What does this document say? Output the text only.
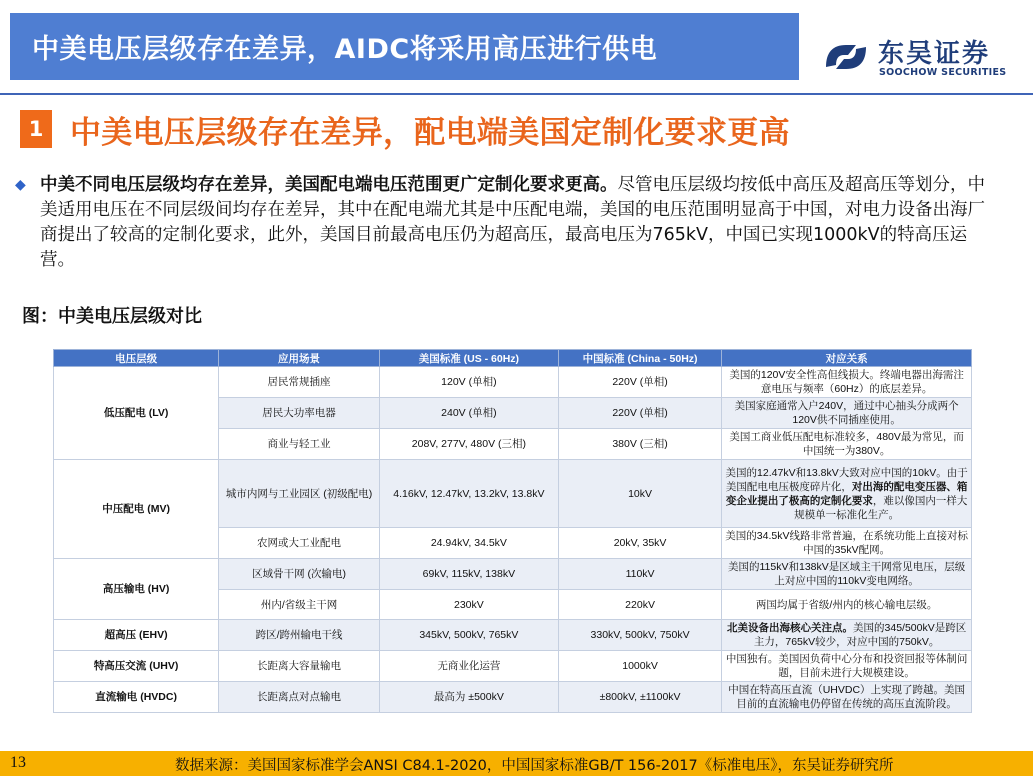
中美电压层级存在差异，AIDC将采用高压进行供电	东吴证券
SOOCHOW SECURITIES
1 中美电压层级存在差异，配电端美国定制化要求更高
◆ 中美不同电压层级均存在差异，美国配电端电压范围更广定制化要求更高。尽管电压层级均按低中高压及超高压等划分，中美适用电压在不同层级间均存在差异，其中在配电端尤其是中压配电端，美国的电压范围明显高于中国，对电力设备出海厂商提出了较高的定制化要求，此外，美国目前最高电压仍为超高压，最高电压为765kV，中国已实现1000kV的特高压运营。
图：中美电压层级对比
电压层级	应用场景	美国标准 (US - 60Hz)	中国标准 (China - 50Hz)	对应关系
低压配电 (LV)	居民常规插座	120V (单相)	220V (单相)	美国的120V安全性高但线损大。终端电器出海需注意电压与频率（60Hz）的底层差异。
	居民大功率电器	240V (单相)	220V (单相)	美国家庭通常入户240V，通过中心抽头分成两个120V供不同插座使用。
	商业与轻工业	208V, 277V, 480V (三相)	380V (三相)	美国工商业低压配电标准较多，480V最为常见，而中国统一为380V。
中压配电 (MV)	城市内网与工业园区 (初级配电)	4.16kV, 12.47kV, 13.2kV, 13.8kV	10kV	美国的12.47kV和13.8kV大致对应中国的10kV。由于美国配电电压极度碎片化，对出海的配电变压器、箱变企业提出了极高的定制化要求，难以像国内一样大规模单一标准化生产。
	农网或大工业配电	24.94kV, 34.5kV	20kV, 35kV	美国的34.5kV线路非常普遍，在系统功能上直接对标中国的35kV配网。
高压输电 (HV)	区域骨干网 (次输电)	69kV, 115kV, 138kV	110kV	美国的115kV和138kV是区域主干网常见电压，层级上对应中国的110kV变电网络。
	州内/省级主干网	230kV	220kV	两国均属于省级/州内的核心输电层级。
超高压 (EHV)	跨区/跨州输电干线	345kV, 500kV, 765kV	330kV, 500kV, 750kV	北美设备出海核心关注点。美国的345/500kV是跨区主力，765kV较少，对应中国的750kV。
特高压交流 (UHV)	长距离大容量输电	无商业化运营	1000kV	中国独有。美国因负荷中心分布和投资回报等体制问题，目前未进行大规模建设。
直流输电 (HVDC)	长距离点对点输电	最高为 ±500kV	±800kV, ±1100kV	中国在特高压直流（UHVDC）上实现了跨越。美国目前的直流输电仍停留在传统的高压直流阶段。
13	数据来源：美国国家标准学会ANSI C84.1-2020，中国国家标准GB/T 156-2017《标准电压》，东吴证券研究所
